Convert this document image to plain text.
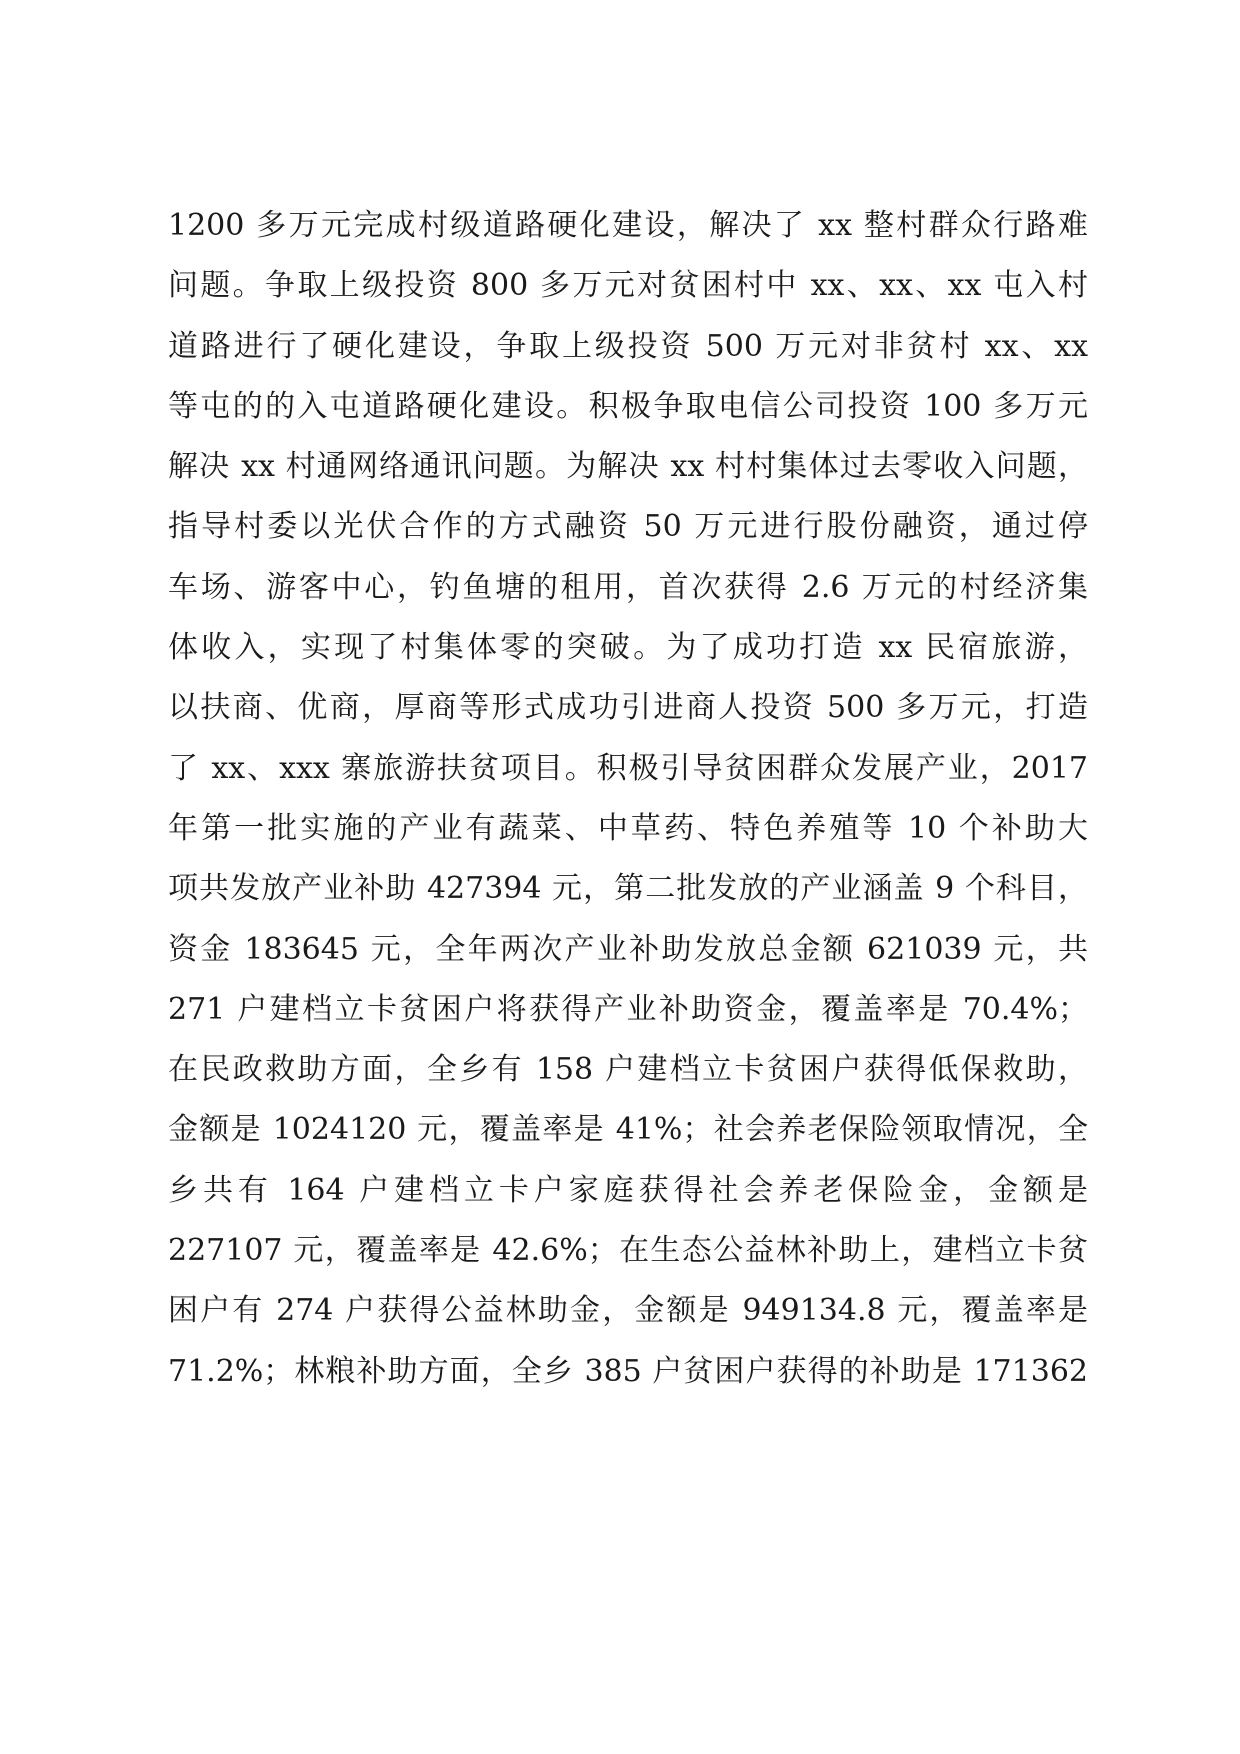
1200 多万元完成村级道路硬化建设，解决了 xx 整村群众行路难
问题。争取上级投资 800 多万元对贫困村中 xx、xx、xx 屯入村
道路进行了硬化建设，争取上级投资 500 万元对非贫村 xx、xx
等屯的的入屯道路硬化建设。积极争取电信公司投资 100 多万元
解决 xx 村通网络通讯问题。为解决 xx 村村集体过去零收入问题，
指导村委以光伏合作的方式融资 50 万元进行股份融资，通过停
车场、游客中心，钓鱼塘的租用，首次获得 2.6 万元的村经济集
体收入，实现了村集体零的突破。为了成功打造 xx 民宿旅游，
以扶商、优商，厚商等形式成功引进商人投资 500 多万元，打造
了 xx、xxx 寨旅游扶贫项目。积极引导贫困群众发展产业，2017
年第一批实施的产业有蔬菜、中草药、特色养殖等 10 个补助大
项共发放产业补助 427394 元，第二批发放的产业涵盖 9 个科目，
资金 183645 元，全年两次产业补助发放总金额 621039 元，共
271 户建档立卡贫困户将获得产业补助资金，覆盖率是 70.4%；
在民政救助方面，全乡有 158 户建档立卡贫困户获得低保救助，
金额是 1024120 元，覆盖率是 41%；社会养老保险领取情况，全
乡共有 164 户建档立卡户家庭获得社会养老保险金，金额是
227107 元，覆盖率是 42.6%；在生态公益林补助上，建档立卡贫
困户有 274 户获得公益林助金，金额是 949134.8 元，覆盖率是
71.2%；林粮补助方面，全乡 385 户贫困户获得的补助是 171362
